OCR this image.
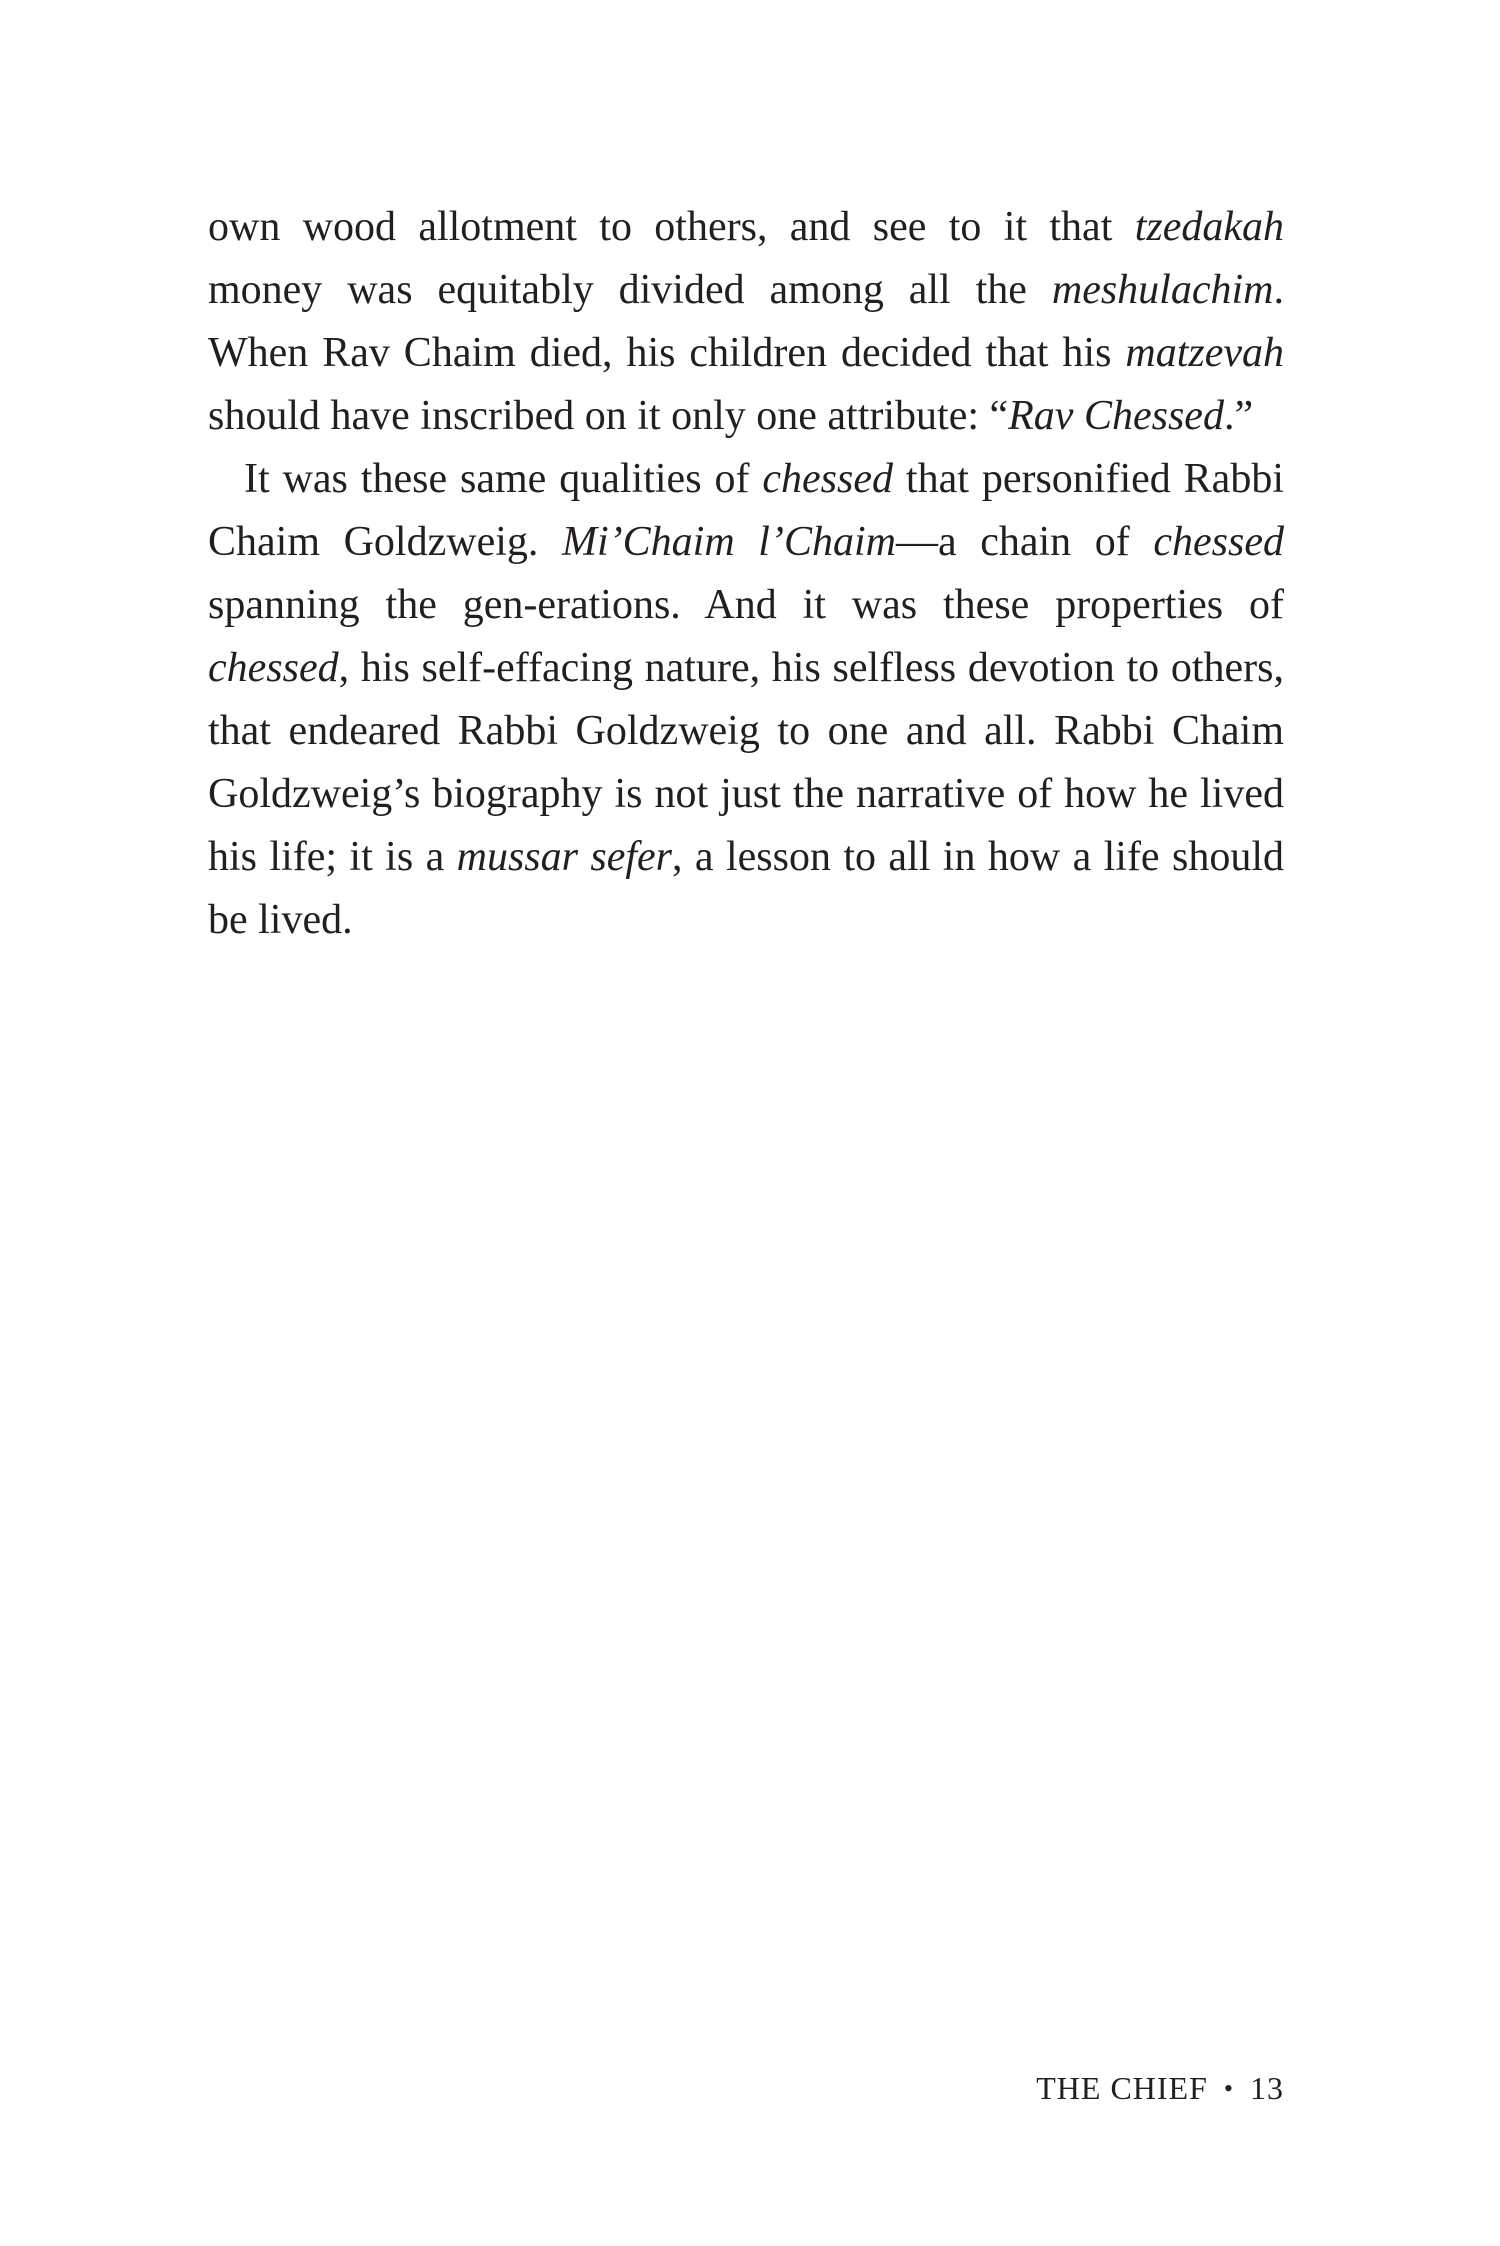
own wood allotment to others, and see to it that tzedakah money was equitably divided among all the meshulachim. When Rav Chaim died, his children decided that his matzevah should have inscribed on it only one attribute: “Rav Chessed.”

It was these same qualities of chessed that personified Rabbi Chaim Goldzweig. Mi’Chaim l’Chaim—a chain of chessed spanning the gen-erations. And it was these properties of chessed, his self-effacing nature, his selfless devotion to others, that endeared Rabbi Goldzweig to one and all. Rabbi Chaim Goldzweig’s biography is not just the narrative of how he lived his life; it is a mussar sefer, a lesson to all in how a life should be lived.

THE CHIEF • 13
